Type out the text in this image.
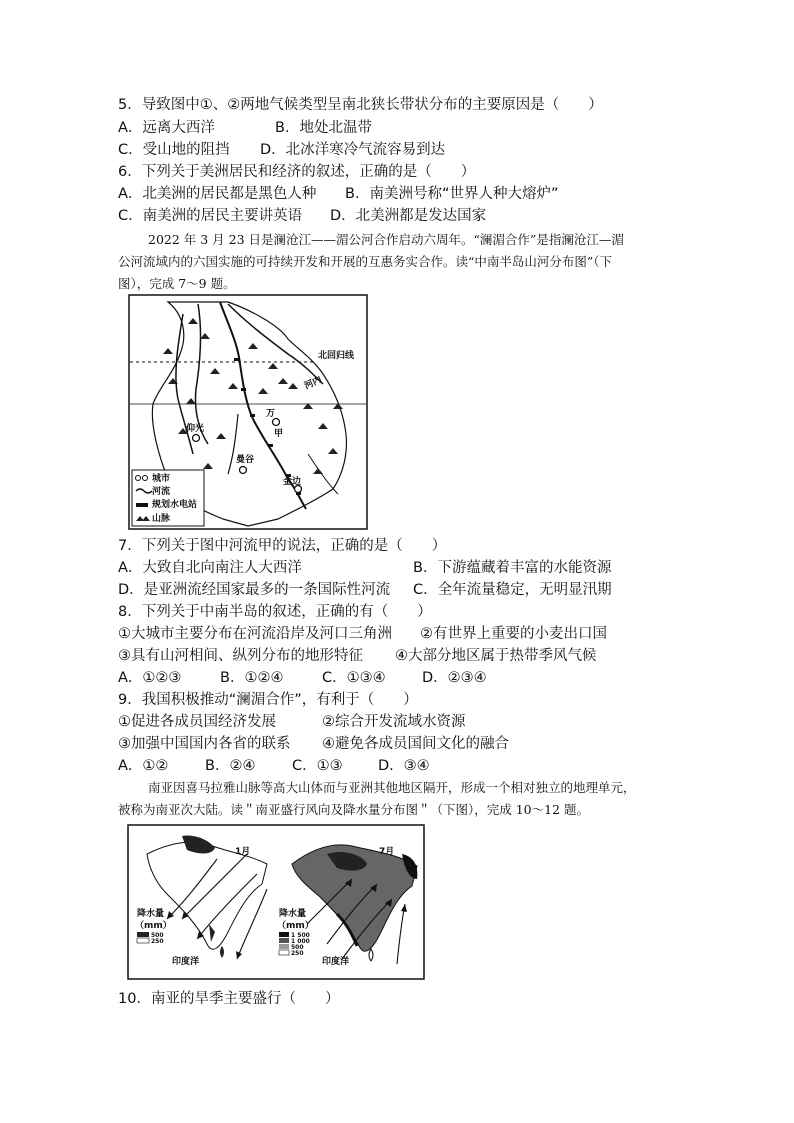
5．导致图中①、②两地气候类型呈南北狭长带状分布的主要原因是（　　）
A．远离大西洋	B．地处北温带
C．受山地的阻挡 D．北冰洋寒冷气流容易到达
6．下列关于美洲居民和经济的叙述，正确的是（　　）
A．北美洲的居民都是黑色人种 B．南美洲号称“世界人种大熔炉”
C．南美洲的居民主要讲英语 D．北美洲都是发达国家
2022 年 3 月 23 日是澜沧江——湄公河合作启动六周年。“澜湄合作”是指澜沧江—湄
公河流域内的六国实施的可持续开发和开展的互惠务实合作。读“中南半岛山河分布图”（下
图），完成 7～9 题。
北回归线
河内
万
甲
仰光
曼谷
金边
城市
河流
规划水电站
山脉
7．下列关于图中河流甲的说法，正确的是（　　）
A．大致自北向南注人大西洋	B．下游蕴藏着丰富的水能资源
D．是亚洲流经国家最多的一条国际性河流 C．全年流量稳定，无明显汛期
8．下列关于中南半岛的叙述，正确的有（　　）
①大城市主要分布在河流沿岸及河口三角洲 ②有世界上重要的小麦出口国
③具有山河相间、纵列分布的地形特征 ④大部分地区属于热带季风气候
A．①②③	B．①②④	C．①③④	D．②③④
9．我国积极推动“澜湄合作”，有利于（　　）
①促进各成员国经济发展	②综合开发流域水资源
③加强中国国内各省的联系 ④避免各成员国间文化的融合
A．①②	B．②④	C．①③ D．③④
南亚因喜马拉雅山脉等高大山体而与亚洲其他地区隔开，形成一个相对独立的地理单元，
被称为南亚次大陆。读＂南亚盛行风向及降水量分布图＂（下图），完成 10～12 题。
1月
降水量
（mm）
500
250
印度洋
7月
降水量
（mm）
1 500
1 000
500
250
印度洋
10．南亚的旱季主要盛行（　　）
